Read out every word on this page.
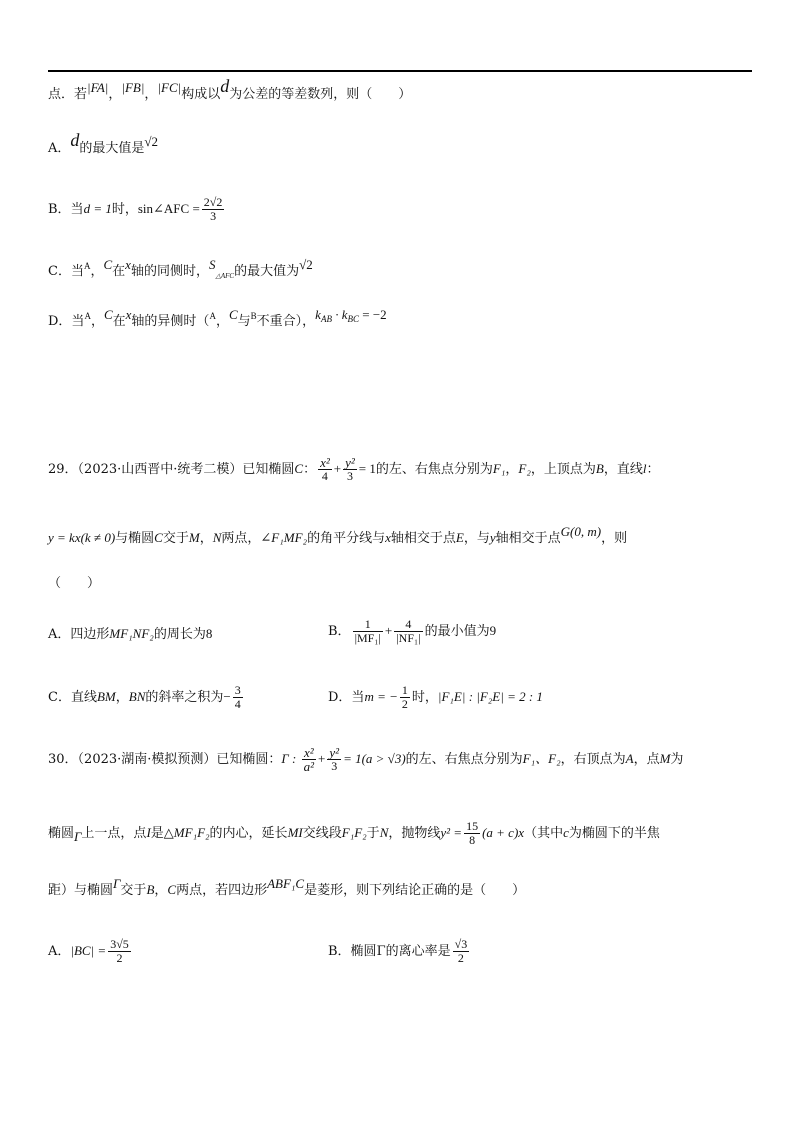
点．若|FA|，|FB|，|FC|构成以d为公差的等差数列，则（　　）
A．d的最大值是√2
B．当d = 1时，sin∠AFC = $\frac{2√2}{3}$
C．当$^A$，C在x轴的同侧时，$S_{\triangle AFC}$的最大值为√2
D．当$^A$，C在x轴的异侧时（$^A$，C与$^B$不重合），$k^{AB} \cdot k^{BC} = -2$
29．（2023·山西晋中·统考二模）已知椭圆C： $\frac{\text{x²}}{4} + \frac{\text{y²}}{3} = 1$的左、右焦点分别为F₁，F₂，上顶点为B，直线l：
y = kx(k ≠ 0)与椭圆C交于M，N两点，∠F₁MF₂的角平分线与x轴相交于点E，与y轴相交于点G(0, m)，则
（　　）
A．四边形MF₁NF₂的周长为8	B． $\frac{1}{\text{|MF₁|}} + \frac{4}{\text{|NF₁|}}$ 的最小值为9
C．直线BM，BN的斜率之积为− $\frac{3}{4}$	D．当m = − $\frac{1}{2}$ 时，|F₁E| : |F₂E| = 2 : 1
30．（2023·湖南·模拟预测）已知椭圆：Γ : $\frac{\text{x²}}{\text{a²}} + \frac{\text{y²}}{3} = 1(a > √3)$的左、右焦点分别为F₁、F₂，右顶点为A，点M为
椭圆Γ上一点，点I是△MF₁F₂的内心，延长MI交线段F₁F₂于N，抛物线$y^2 = \frac{15}{8} (a + c)x$（其中c为椭圆下的半焦
距）与椭圆Γ交于B，C两点，若四边形ABF₁C是菱形，则下列结论正确的是（　　）
A．$|BC| = \frac{3√5}{2}$	B．椭圆Γ的离心率是 $\frac{√3}{2}$
